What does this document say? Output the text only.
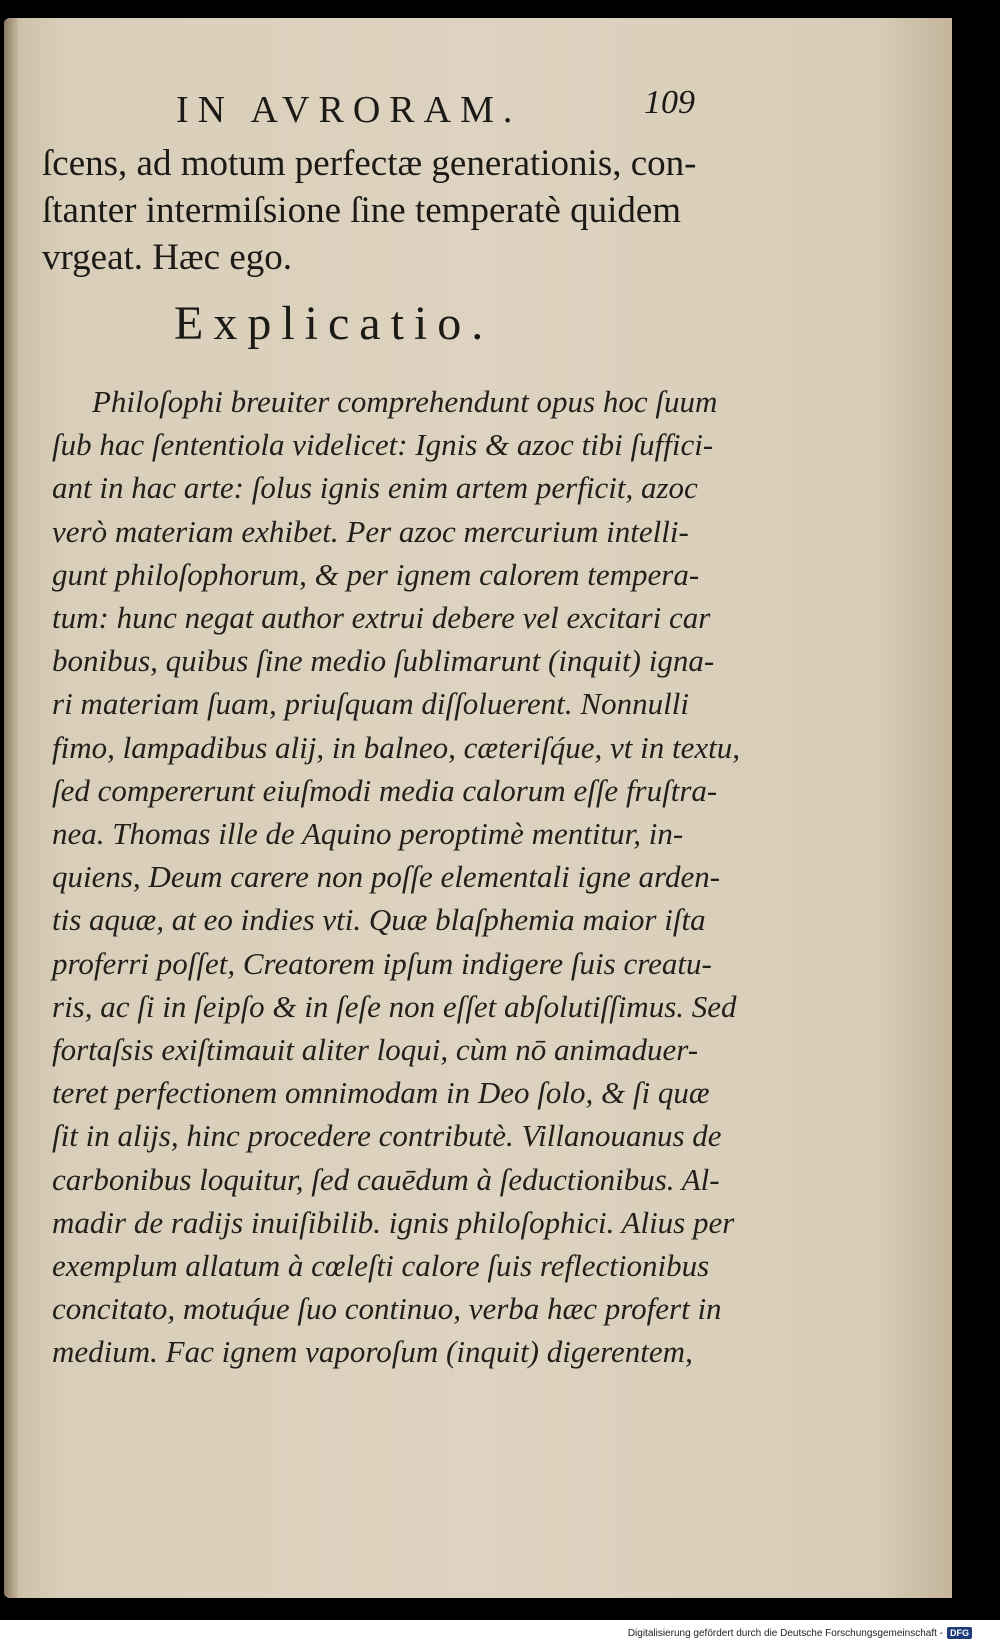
IN AVRORAM.	109
ſcens, ad motum perfectæ generationis, con-
ſtanter intermiſsione ſine temperatè quidem
vrgeat. Hæc ego.
Explicatio.
Philoſophi breuiter comprehendunt opus hoc ſuum
ſub hac ſententiola videlicet: Ignis & azoc tibi ſuffici-
ant in hac arte: ſolus ignis enim artem perficit, azoc
verò materiam exhibet. Per azoc mercurium intelli-
gunt philoſophorum, & per ignem calorem tempera-
tum: hunc negat author extrui debere vel excitari car
bonibus, quibus ſine medio ſublimarunt (inquit) igna-
ri materiam ſuam, priuſquam diſſoluerent. Nonnulli
fimo, lampadibus alij, in balneo, cæteriſq́ue, vt in textu,
ſed compererunt eiuſmodi media calorum eſſe fruſtra-
nea. Thomas ille de Aquino peroptimè mentitur, in-
quiens, Deum carere non poſſe elementali igne arden-
tis aquæ, at eo indies vti. Quæ blaſphemia maior iſta
proferri poſſet, Creatorem ipſum indigere ſuis creatu-
ris, ac ſi in ſeipſo & in ſeſe non eſſet abſolutiſſimus. Sed
fortaſsis exiſtimauit aliter loqui, cùm nō animaduer-
teret perfectionem omnimodam in Deo ſolo, & ſi quæ
ſit in alijs, hinc procedere contributè. Villanouanus de
carbonibus loquitur, ſed cauēdum à ſeductionibus. Al-
madir de radijs inuiſibilib. ignis philoſophici. Alius per
exemplum allatum à cœleſti calore ſuis reflectionibus
concitato, motuq́ue ſuo continuo, verba hæc profert in
medium. Fac ignem vaporoſum (inquit) digerentem,
Digitalisierung gefördert durch die Deutsche Forschungsgemeinschaft - DFG
